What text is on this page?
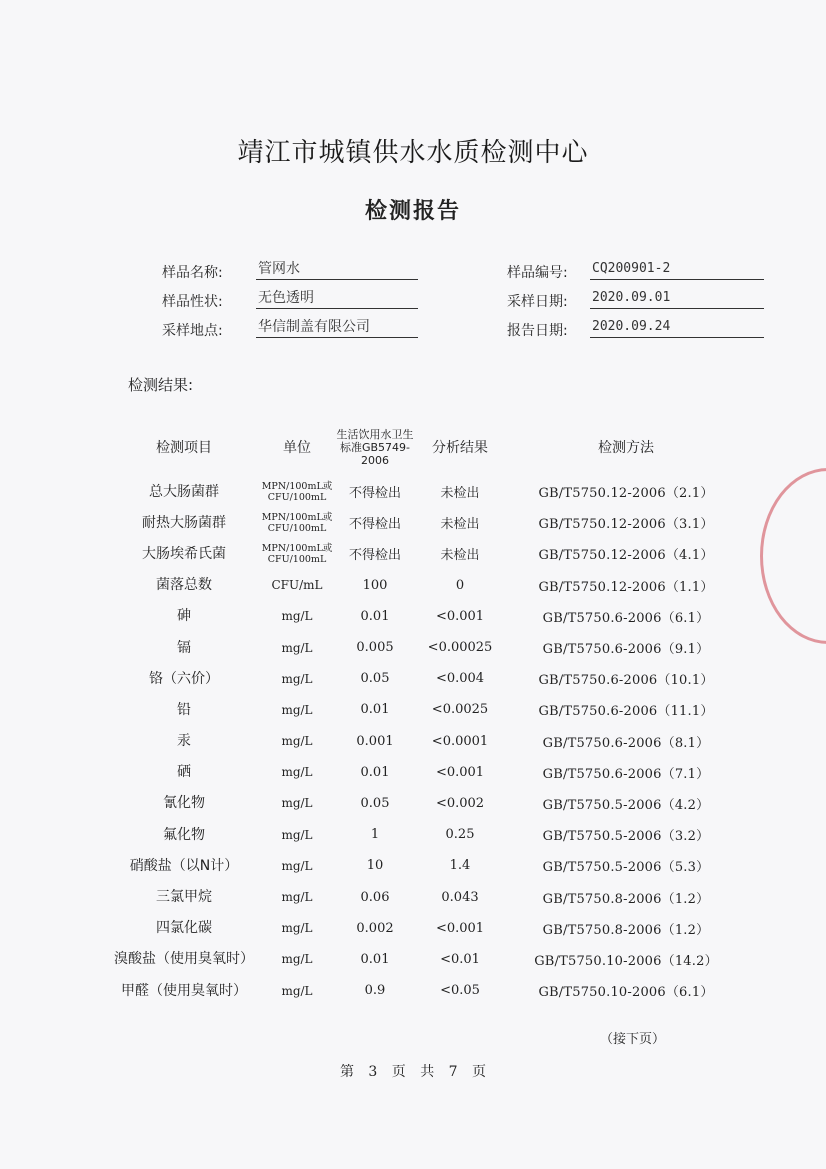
靖江市城镇供水水质检测中心
检测报告
样品名称:	管网水
样品性状:	无色透明
采样地点:	华信制盖有限公司
样品编号: CQ200901-2
采样日期: 2020.09.01
报告日期: 2020.09.24
检测结果:
检测项目	单位	生活饮用水卫生标准GB5749-2006	分析结果	检测方法
总大肠菌群	MPN/100mL或CFU/100mL	不得检出	未检出	GB/T5750.12-2006（2.1）
耐热大肠菌群	MPN/100mL或CFU/100mL	不得检出	未检出	GB/T5750.12-2006（3.1）
大肠埃希氏菌	MPN/100mL或CFU/100mL	不得检出	未检出	GB/T5750.12-2006（4.1）
菌落总数	CFU/mL	100	0	GB/T5750.12-2006（1.1）
砷	mg/L	0.01	<0.001	GB/T5750.6-2006（6.1）
镉	mg/L	0.005	<0.00025	GB/T5750.6-2006（9.1）
铬（六价）	mg/L	0.05	<0.004	GB/T5750.6-2006（10.1）
铅	mg/L	0.01	<0.0025	GB/T5750.6-2006（11.1）
汞	mg/L	0.001	<0.0001	GB/T5750.6-2006（8.1）
硒	mg/L	0.01	<0.001	GB/T5750.6-2006（7.1）
氰化物	mg/L	0.05	<0.002	GB/T5750.5-2006（4.2）
氟化物	mg/L	1	0.25	GB/T5750.5-2006（3.2）
硝酸盐（以N计）	mg/L	10	1.4	GB/T5750.5-2006（5.3）
三氯甲烷	mg/L	0.06	0.043	GB/T5750.8-2006（1.2）
四氯化碳	mg/L	0.002	<0.001	GB/T5750.8-2006（1.2）
溴酸盐（使用臭氧时）	mg/L	0.01	<0.01	GB/T5750.10-2006（14.2）
甲醛（使用臭氧时）	mg/L	0.9	<0.05	GB/T5750.10-2006（6.1）
（接下页）
第 3 页 共 7 页
